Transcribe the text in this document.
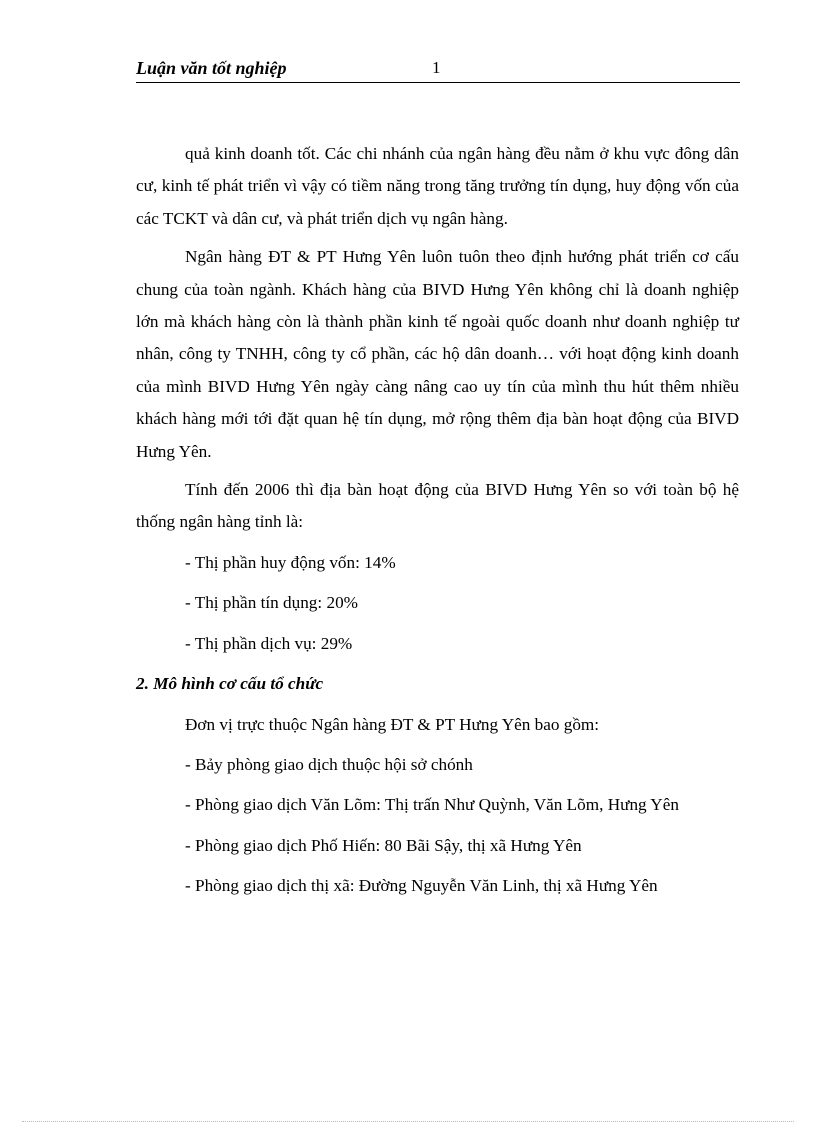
Luận văn tốt nghiệp	1

quả kinh doanh tốt. Các chi nhánh của ngân hàng đều nằm ở khu vực đông dân cư, kinh tế phát triển vì vậy có tiềm năng trong tăng trưởng tín dụng, huy động vốn của các TCKT và dân cư, và phát triển dịch vụ ngân hàng.

Ngân hàng ĐT & PT Hưng Yên luôn tuôn theo định hướng phát triển cơ cấu chung của toàn ngành. Khách hàng của BIVD Hưng Yên không chỉ là doanh nghiệp lớn mà khách hàng còn là thành phần kinh tế ngoài quốc doanh như doanh nghiệp tư nhân, công ty TNHH, công ty cổ phần, các hộ dân doanh… với hoạt động kinh doanh của mình BIVD Hưng Yên ngày càng nâng cao uy tín của mình thu hút thêm nhiều khách hàng mới tới đặt quan hệ tín dụng, mở rộng thêm địa bàn hoạt động của BIVD Hưng Yên.

Tính đến 2006 thì địa bàn hoạt động của BIVD Hưng Yên so với toàn bộ hệ thống ngân hàng tỉnh là:

- Thị phần huy động vốn: 14%

- Thị phần tín dụng: 20%

- Thị phần dịch vụ: 29%

2. Mô hình cơ cấu tổ chức

Đơn vị trực thuộc Ngân hàng ĐT & PT Hưng Yên bao gồm:

- Bảy phòng giao dịch thuộc hội sở chónh

- Phòng giao dịch Văn Lõm: Thị trấn Như Quỳnh, Văn Lõm, Hưng Yên

- Phòng giao dịch Phố Hiến: 80 Bãi Sậy, thị xã Hưng Yên

- Phòng giao dịch thị xã: Đường Nguyễn Văn Linh, thị xã Hưng Yên
